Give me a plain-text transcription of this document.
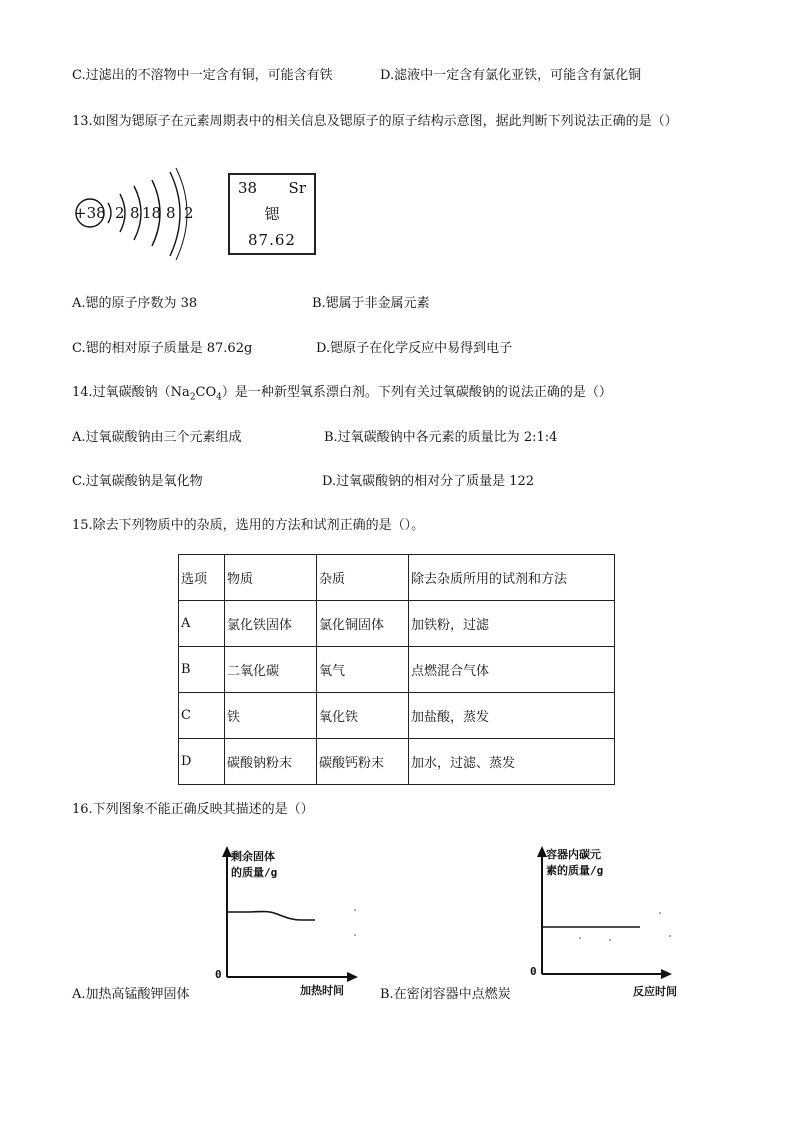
C.过滤出的不溶物中一定含有铜，可能含有铁	D.滤液中一定含有氯化亚铁，可能含有氯化铜
13.如图为锶原子在元素周期表中的相关信息及锶原子的原子结构示意图，据此判断下列说法正确的是（）
+38 2 8 18 8 2
38 Sr
锶
87.62
A.锶的原子序数为 38	B.锶属于非金属元素
C.锶的相对原子质量是 87.62g	D.锶原子在化学反应中易得到电子
14.过氧碳酸钠$(Na_2CO_4)$是一种新型氧系漂白剂。下列有关过氧碳酸钠的说法正确的是（）
A.过氧碳酸钠由三个元素组成	B.过氧碳酸钠中各元素的质量比为 2:1:4
C.过氧碳酸钠是氧化物	D.过氧碳酸钠的相对分了质量是 122
15.除去下列物质中的杂质，选用的方法和试剂正确的是（）。
选项	物质	杂质	除去杂质所用的试剂和方法
A	氯化铁固体	氯化铜固体	加铁粉，过滤
B	二氧化碳	氧气	点燃混合气体
C	铁	氧化铁	加盐酸，蒸发
D	碳酸钠粉末	碳酸钙粉末	加水，过滤、蒸发
16.下列图象不能正确反映其描述的是（）
剩余固体
的质量/g
0
加热时间
A.加热高锰酸钾固体
容器内碳元
素的质量/g
0
反应时间
B.在密闭容器中点燃炭
